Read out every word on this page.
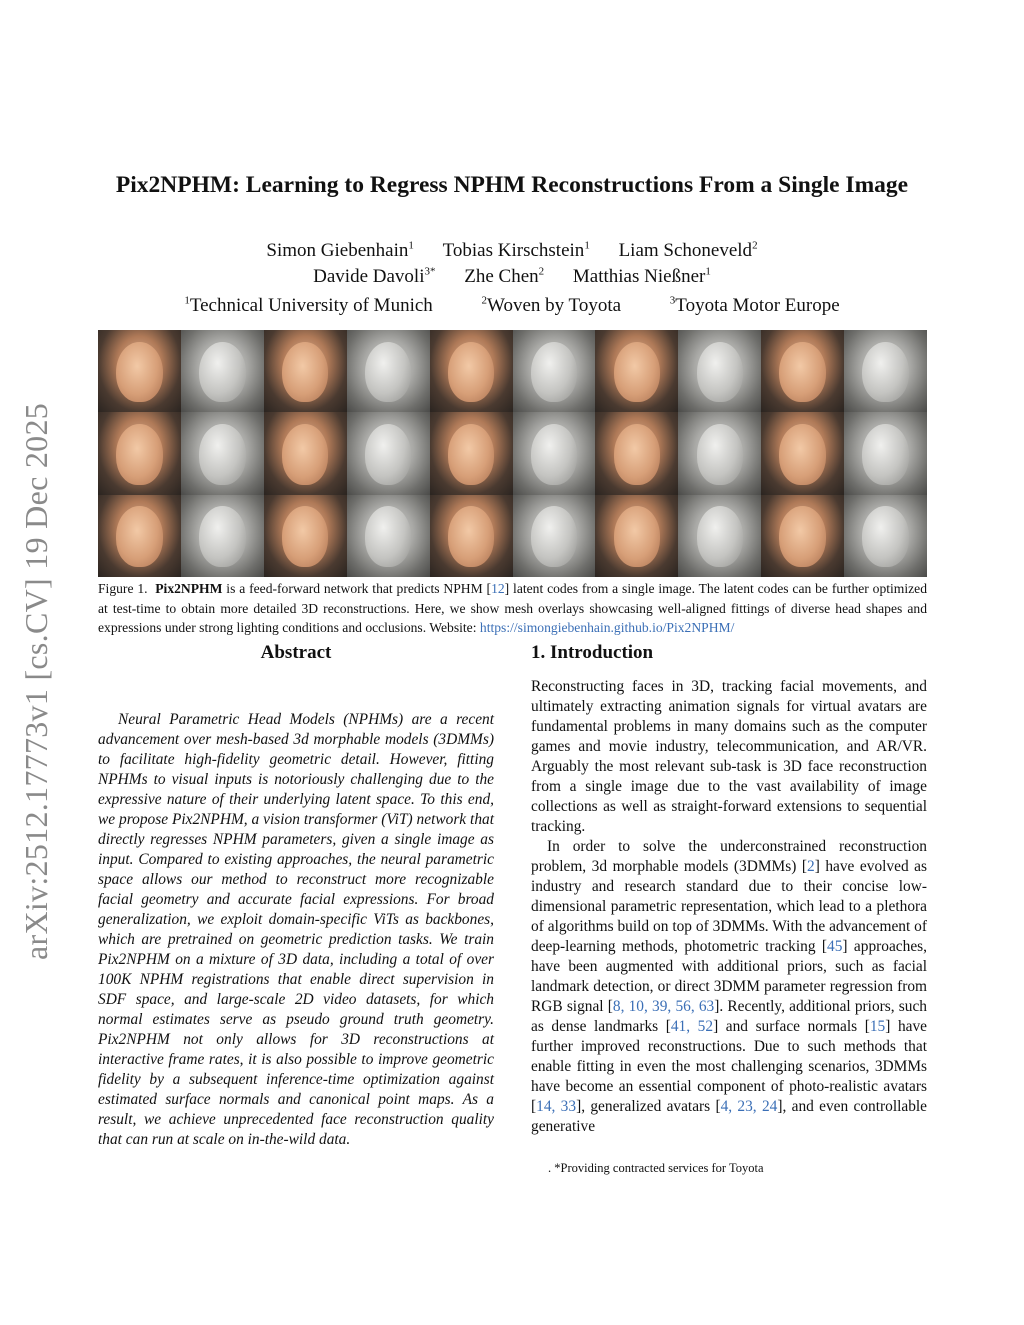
arXiv:2512.17773v1 [cs.CV] 19 Dec 2025
Pix2NPHM: Learning to Regress NPHM Reconstructions From a Single Image
Simon Giebenhain$^1$ Tobias Kirschstein$^1$ Liam Schoneveld$^2$
Davide Davoli$^{3*}$ Zhe Chen$^2$ Matthias Nießner$^1$
$^1$Technical University of Munich	$^2$Woven by Toyota	$^3$Toyota Motor Europe
Figure 1. Pix2NPHM is a feed-forward network that predicts NPHM [12] latent codes from a single image. The latent codes can be further optimized at test-time to obtain more detailed 3D reconstructions. Here, we show mesh overlays showcasing well-aligned fittings of diverse head shapes and expressions under strong lighting conditions and occlusions. Website: https://simongiebenhain.github.io/Pix2NPHM/
Abstract

Neural Parametric Head Models (NPHMs) are a recent advancement over mesh-based 3d morphable models (3DMMs) to facilitate high-fidelity geometric detail. However, fitting NPHMs to visual inputs is notoriously challenging due to the expressive nature of their underlying latent space. To this end, we propose Pix2NPHM, a vision transformer (ViT) network that directly regresses NPHM parameters, given a single image as input. Compared to existing approaches, the neural parametric space allows our method to reconstruct more recognizable facial geometry and accurate facial expressions. For broad generalization, we exploit domain-specific ViTs as backbones, which are pretrained on geometric prediction tasks. We train Pix2NPHM on a mixture of 3D data, including a total of over 100K NPHM registrations that enable direct supervision in SDF space, and large-scale 2D video datasets, for which normal estimates serve as pseudo ground truth geometry. Pix2NPHM not only allows for 3D reconstructions at interactive frame rates, it is also possible to improve geometric fidelity by a subsequent inference-time optimization against estimated surface normals and canonical point maps. As a result, we achieve unprecedented face reconstruction quality that can run at scale on in-the-wild data.

1. Introduction

Reconstructing faces in 3D, tracking facial movements, and ultimately extracting animation signals for virtual avatars are fundamental problems in many domains such as the computer games and movie industry, telecommunication, and AR/VR. Arguably the most relevant sub-task is 3D face reconstruction from a single image due to the vast availability of image collections as well as straight-forward extensions to sequential tracking.

In order to solve the underconstrained reconstruction problem, 3d morphable models (3DMMs) [2] have evolved as industry and research standard due to their concise low-dimensional parametric representation, which lead to a plethora of algorithms build on top of 3DMMs. With the advancement of deep-learning methods, photometric tracking [45] approaches, have been augmented with additional priors, such as facial landmark detection, or direct 3DMM parameter regression from RGB signal [8, 10, 39, 56, 63]. Recently, additional priors, such as dense landmarks [41, 52] and surface normals [15] have further improved reconstructions. Due to such methods that enable fitting in even the most challenging scenarios, 3DMMs have become an essential component of photo-realistic avatars [14, 33], generalized avatars [4, 23, 24], and even controllable generative

. *Providing contracted services for Toyota
